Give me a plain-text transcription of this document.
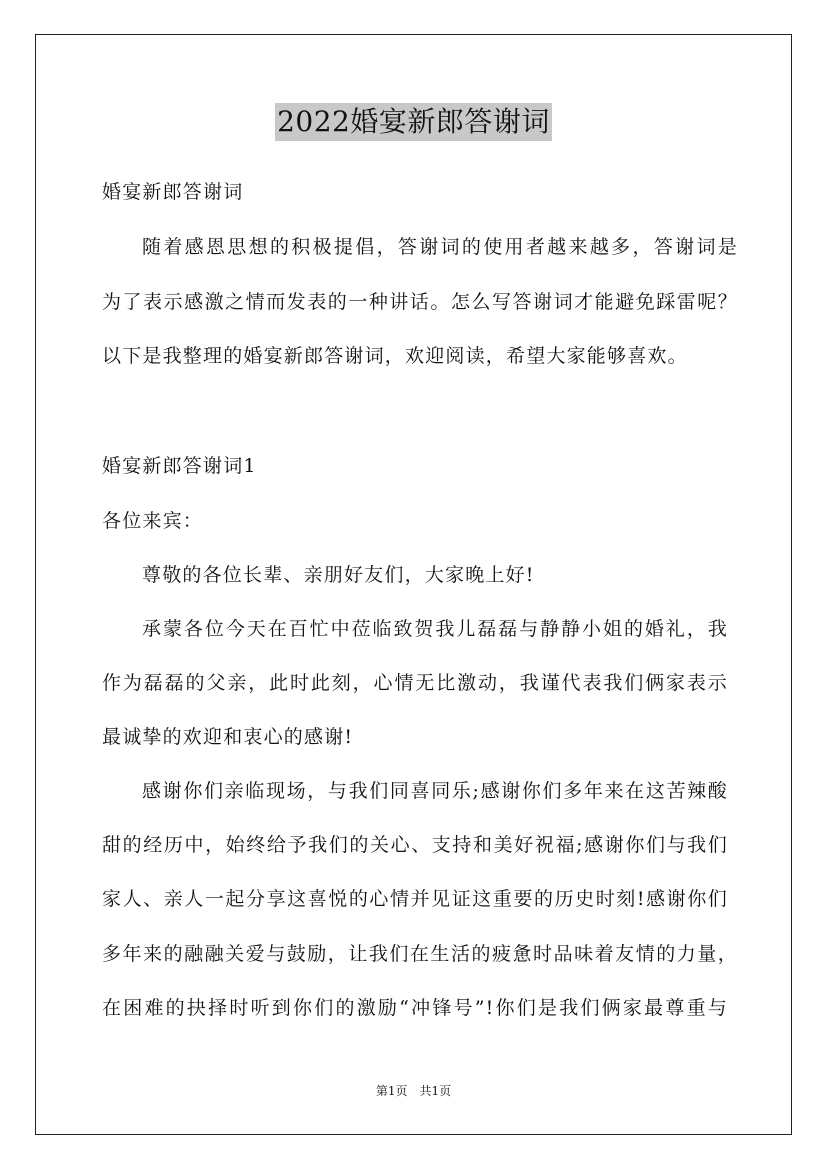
2022婚宴新郎答谢词
婚宴新郎答谢词
随着感恩思想的积极提倡，答谢词的使用者越来越多，答谢词是
为了表示感激之情而发表的一种讲话。怎么写答谢词才能避免踩雷呢？
以下是我整理的婚宴新郎答谢词，欢迎阅读，希望大家能够喜欢。
婚宴新郎答谢词1
各位来宾：
尊敬的各位长辈、亲朋好友们，大家晚上好!
承蒙各位今天在百忙中莅临致贺我儿磊磊与静静小姐的婚礼，我
作为磊磊的父亲，此时此刻，心情无比激动，我谨代表我们俩家表示
最诚挚的欢迎和衷心的感谢!
感谢你们亲临现场，与我们同喜同乐;感谢你们多年来在这苦辣酸
甜的经历中，始终给予我们的关心、支持和美好祝福;感谢你们与我们
家人、亲人一起分享这喜悦的心情并见证这重要的历史时刻!感谢你们
多年来的融融关爱与鼓励，让我们在生活的疲惫时品味着友情的力量，
在困难的抉择时听到你们的激励“冲锋号”!你们是我们俩家最尊重与
第1页　共1页
